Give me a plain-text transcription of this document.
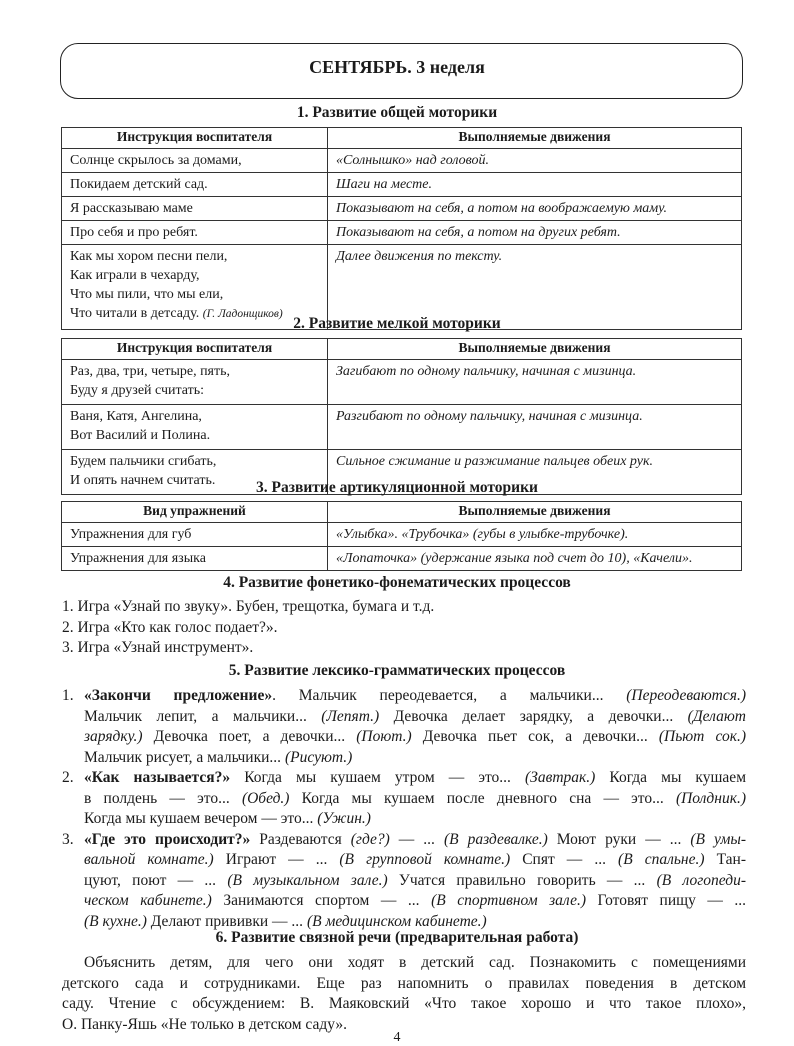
СЕНТЯБРЬ. 3 неделя
1. Развитие общей моторики
Инструкция воспитателя	Выполняемые движения

Солнце скрылось за домами,	«Солнышко» над головой.

Покидаем детский сад.	Шаги на месте.

Я рассказываю маме	Показывают на себя, а потом на воображаемую маму.

Про себя и про ребят.	Показывают на себя, а потом на других ребят.

Как мы хором песни пели,
Как играли в чехарду,
Что мы пили, что мы ели,
Что читали в детсаду. (Г. Ладонщиков)	Далее движения по тексту.
2. Развитие мелкой моторики
Инструкция воспитателя	Выполняемые движения

Раз, два, три, четыре, пять,
Буду я друзей считать:	Загибают по одному пальчику, начиная с мизинца.

Ваня, Катя, Ангелина,
Вот Василий и Полина.	Разгибают по одному пальчику, начиная с мизинца.

Будем пальчики сгибать,
И опять начнем считать.	Сильное сжимание и разжимание пальцев обеих рук.
3. Развитие артикуляционной моторики
Вид упражнений	Выполняемые движения

Упражнения для губ	«Улыбка». «Трубочка» (губы в улыбке-трубочке).

Упражнения для языка	«Лопаточка» (удержание языка под счет до 10), «Качели».
4. Развитие фонетико-фонематических процессов
1. Игра «Узнай по звуку». Бубен, трещотка, бумага и т.д.
2. Игра «Кто как голос подает?».
3. Игра «Узнай инструмент».
5. Развитие лексико-грамматических процессов
1. «Закончи предложение». Мальчик переодевается, а мальчики... (Переодеваются.)
Мальчик лепит, а мальчики... (Лепят.) Девочка делает зарядку, а девочки... (Делают
зарядку.) Девочка поет, а девочки... (Поют.) Девочка пьет сок, а девочки... (Пьют сок.)
Мальчик рисует, а мальчики... (Рисуют.)
2. «Как называется?» Когда мы кушаем утром — это... (Завтрак.) Когда мы кушаем
в полдень — это... (Обед.) Когда мы кушаем после дневного сна — это... (Полдник.)
Когда мы кушаем вечером — это... (Ужин.)
3. «Где это происходит?» Раздеваются (где?) — ... (В раздевалке.) Моют руки — ... (В умы-
вальной комнате.) Играют — ... (В групповой комнате.) Спят — ... (В спальне.) Тан-
цуют, поют — ... (В музыкальном зале.) Учатся правильно говорить — ... (В логопеди-
ческом кабинете.) Занимаются спортом — ... (В спортивном зале.) Готовят пищу — ...
(В кухне.) Делают прививки — ... (В медицинском кабинете.)
6. Развитие связной речи (предварительная работа)
Объяснить детям, для чего они ходят в детский сад. Познакомить с помещениями
детского сада и сотрудниками. Еще раз напомнить о правилах поведения в детском
саду. Чтение с обсуждением: В. Маяковский «Что такое хорошо и что такое плохо»,
О. Панку-Яшь «Не только в детском саду».
4
